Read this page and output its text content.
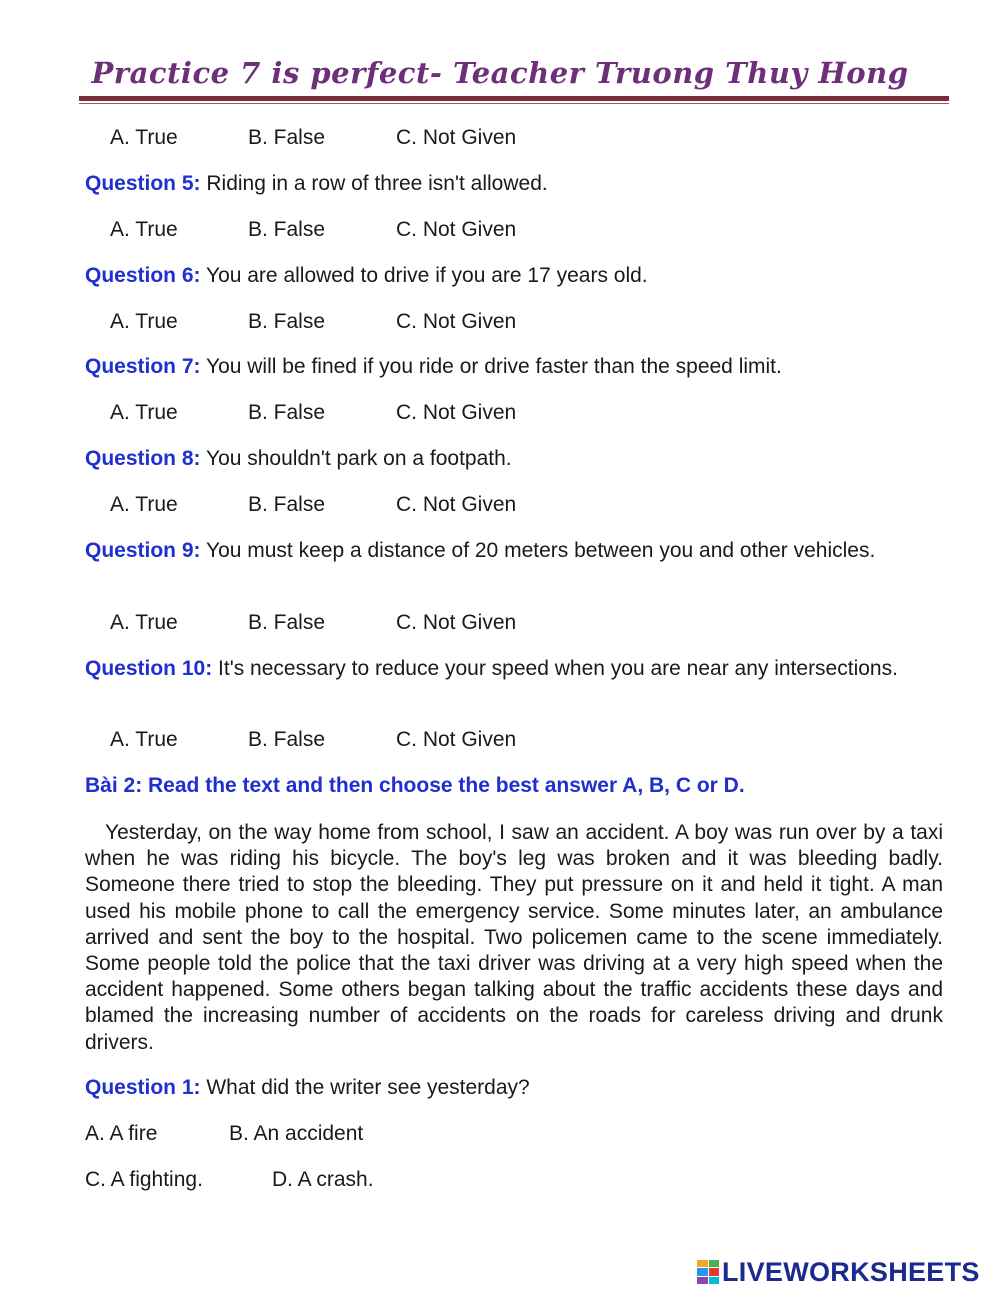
Practice 7 is perfect- Teacher Truong Thuy Hong
A. True	B. False	C. Not Given
Question 5: Riding in a row of three isn't allowed.
A. True	B. False	C. Not Given
Question 6: You are allowed to drive if you are 17 years old.
A. True	B. False	C. Not Given
Question 7: You will be fined if you ride or drive faster than the speed limit.
A. True	B. False	C. Not Given
Question 8: You shouldn't park on a footpath.
A. True	B. False	C. Not Given
Question 9: You must keep a distance of 20 meters between you and other vehicles.
A. True	B. False	C. Not Given
Question 10: It's necessary to reduce your speed when you are near any intersections.
A. True	B. False	C. Not Given
Bài 2: Read the text and then choose the best answer A, B, C or D.
Yesterday, on the way home from school, I saw an accident. A boy was run over by a taxi when he was riding his bicycle. The boy's leg was broken and it was bleeding badly. Someone there tried to stop the bleeding. They put pressure on it and held it tight. A man used his mobile phone to call the emergency service. Some minutes later, an ambulance arrived and sent the boy to the hospital. Two policemen came to the scene immediately. Some people told the police that the taxi driver was driving at a very high speed when the accident happened. Some others began talking about the traffic accidents these days and blamed the increasing number of accidents on the roads for careless driving and drunk drivers.
Question 1: What did the writer see yesterday?
A. A fire	B. An accident
C. A fighting.	D. A crash.
LIVEWORKSHEETS
